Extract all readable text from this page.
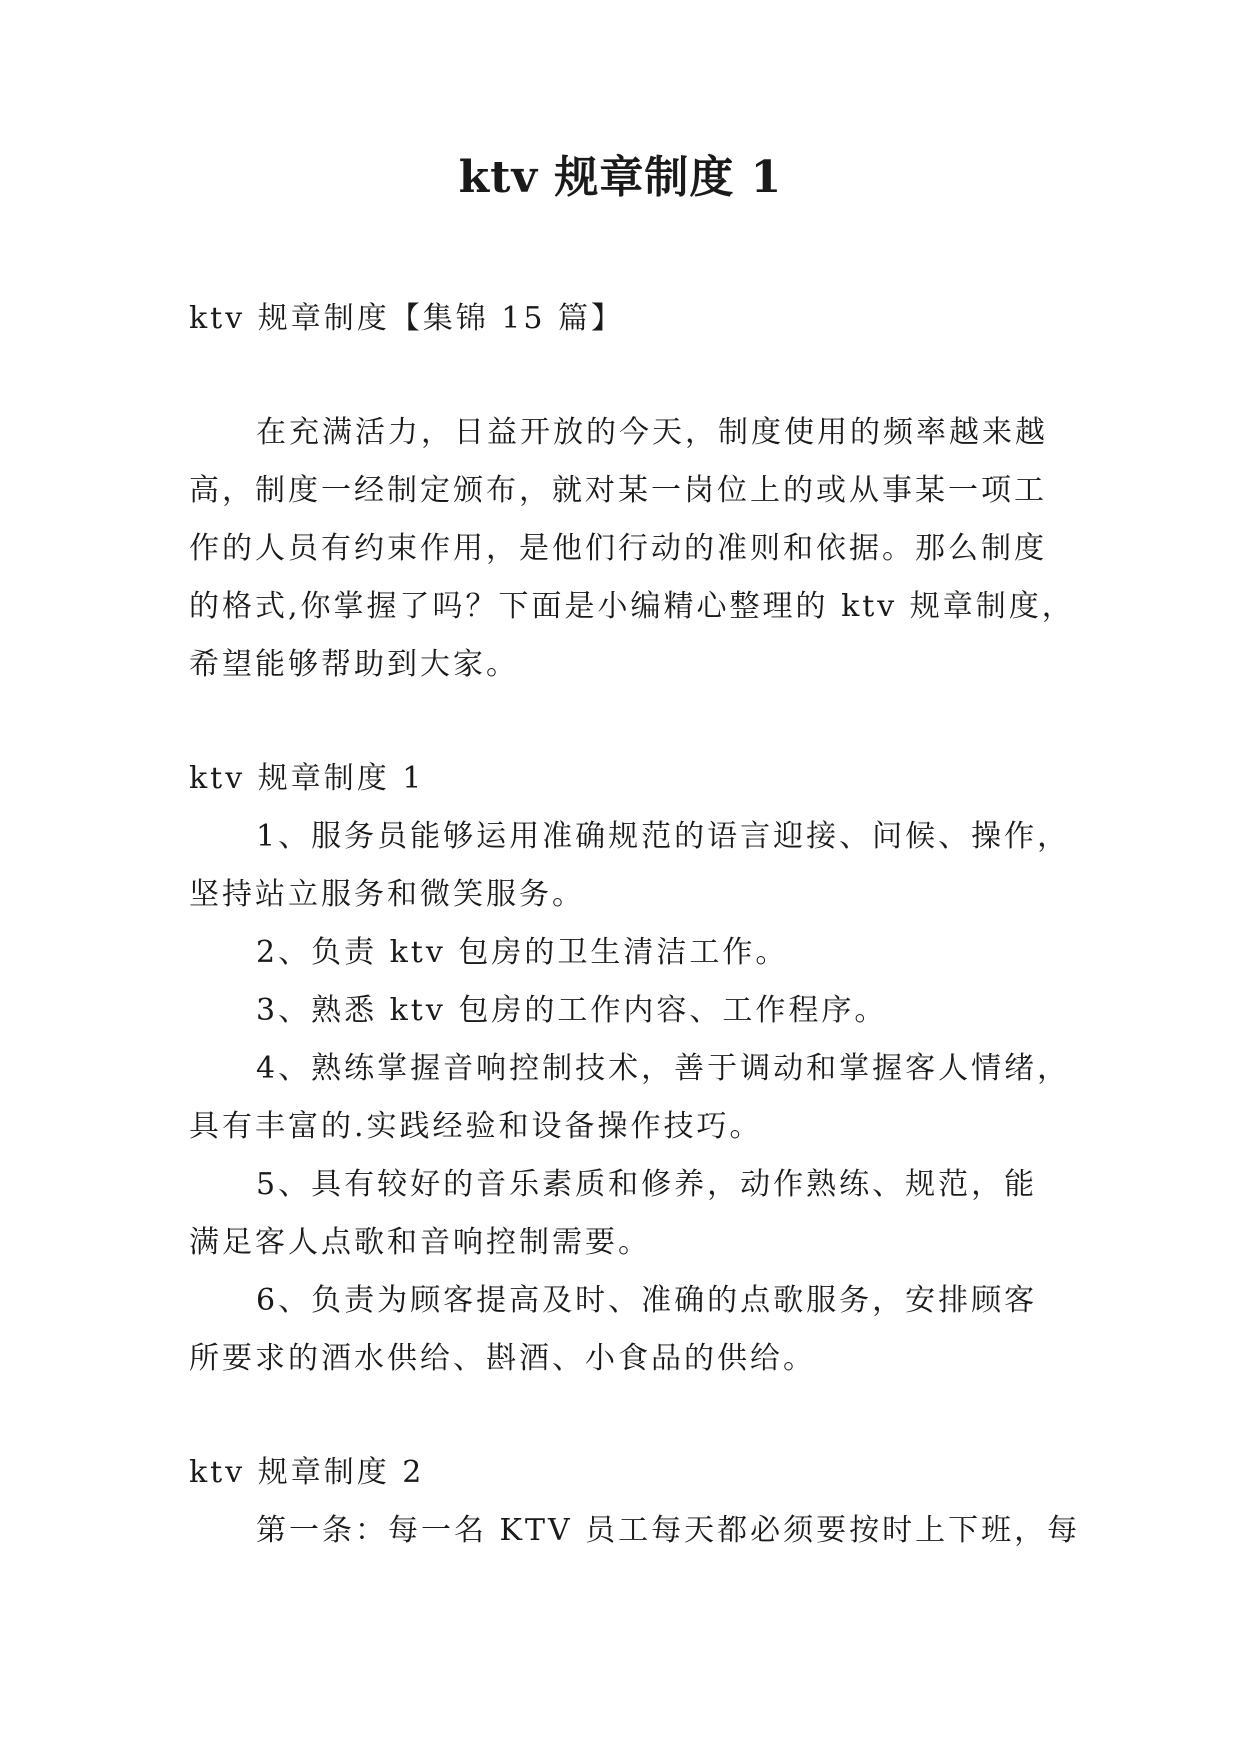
ktv 规章制度 1
ktv 规章制度【集锦 15 篇】
在充满活力，日益开放的今天，制度使用的频率越来越
高，制度一经制定颁布，就对某一岗位上的或从事某一项工
作的人员有约束作用，是他们行动的准则和依据。那么制度
的格式,你掌握了吗？下面是小编精心整理的 ktv 规章制度，
希望能够帮助到大家。
ktv 规章制度 1
1、服务员能够运用准确规范的语言迎接、问候、操作，
坚持站立服务和微笑服务。
2、负责 ktv 包房的卫生清洁工作。
3、熟悉 ktv 包房的工作内容、工作程序。
4、熟练掌握音响控制技术，善于调动和掌握客人情绪，
具有丰富的.实践经验和设备操作技巧。
5、具有较好的音乐素质和修养，动作熟练、规范，能
满足客人点歌和音响控制需要。
6、负责为顾客提高及时、准确的点歌服务，安排顾客
所要求的酒水供给、斟酒、小食品的供给。
ktv 规章制度 2
第一条：每一名 KTV 员工每天都必须要按时上下班，每
